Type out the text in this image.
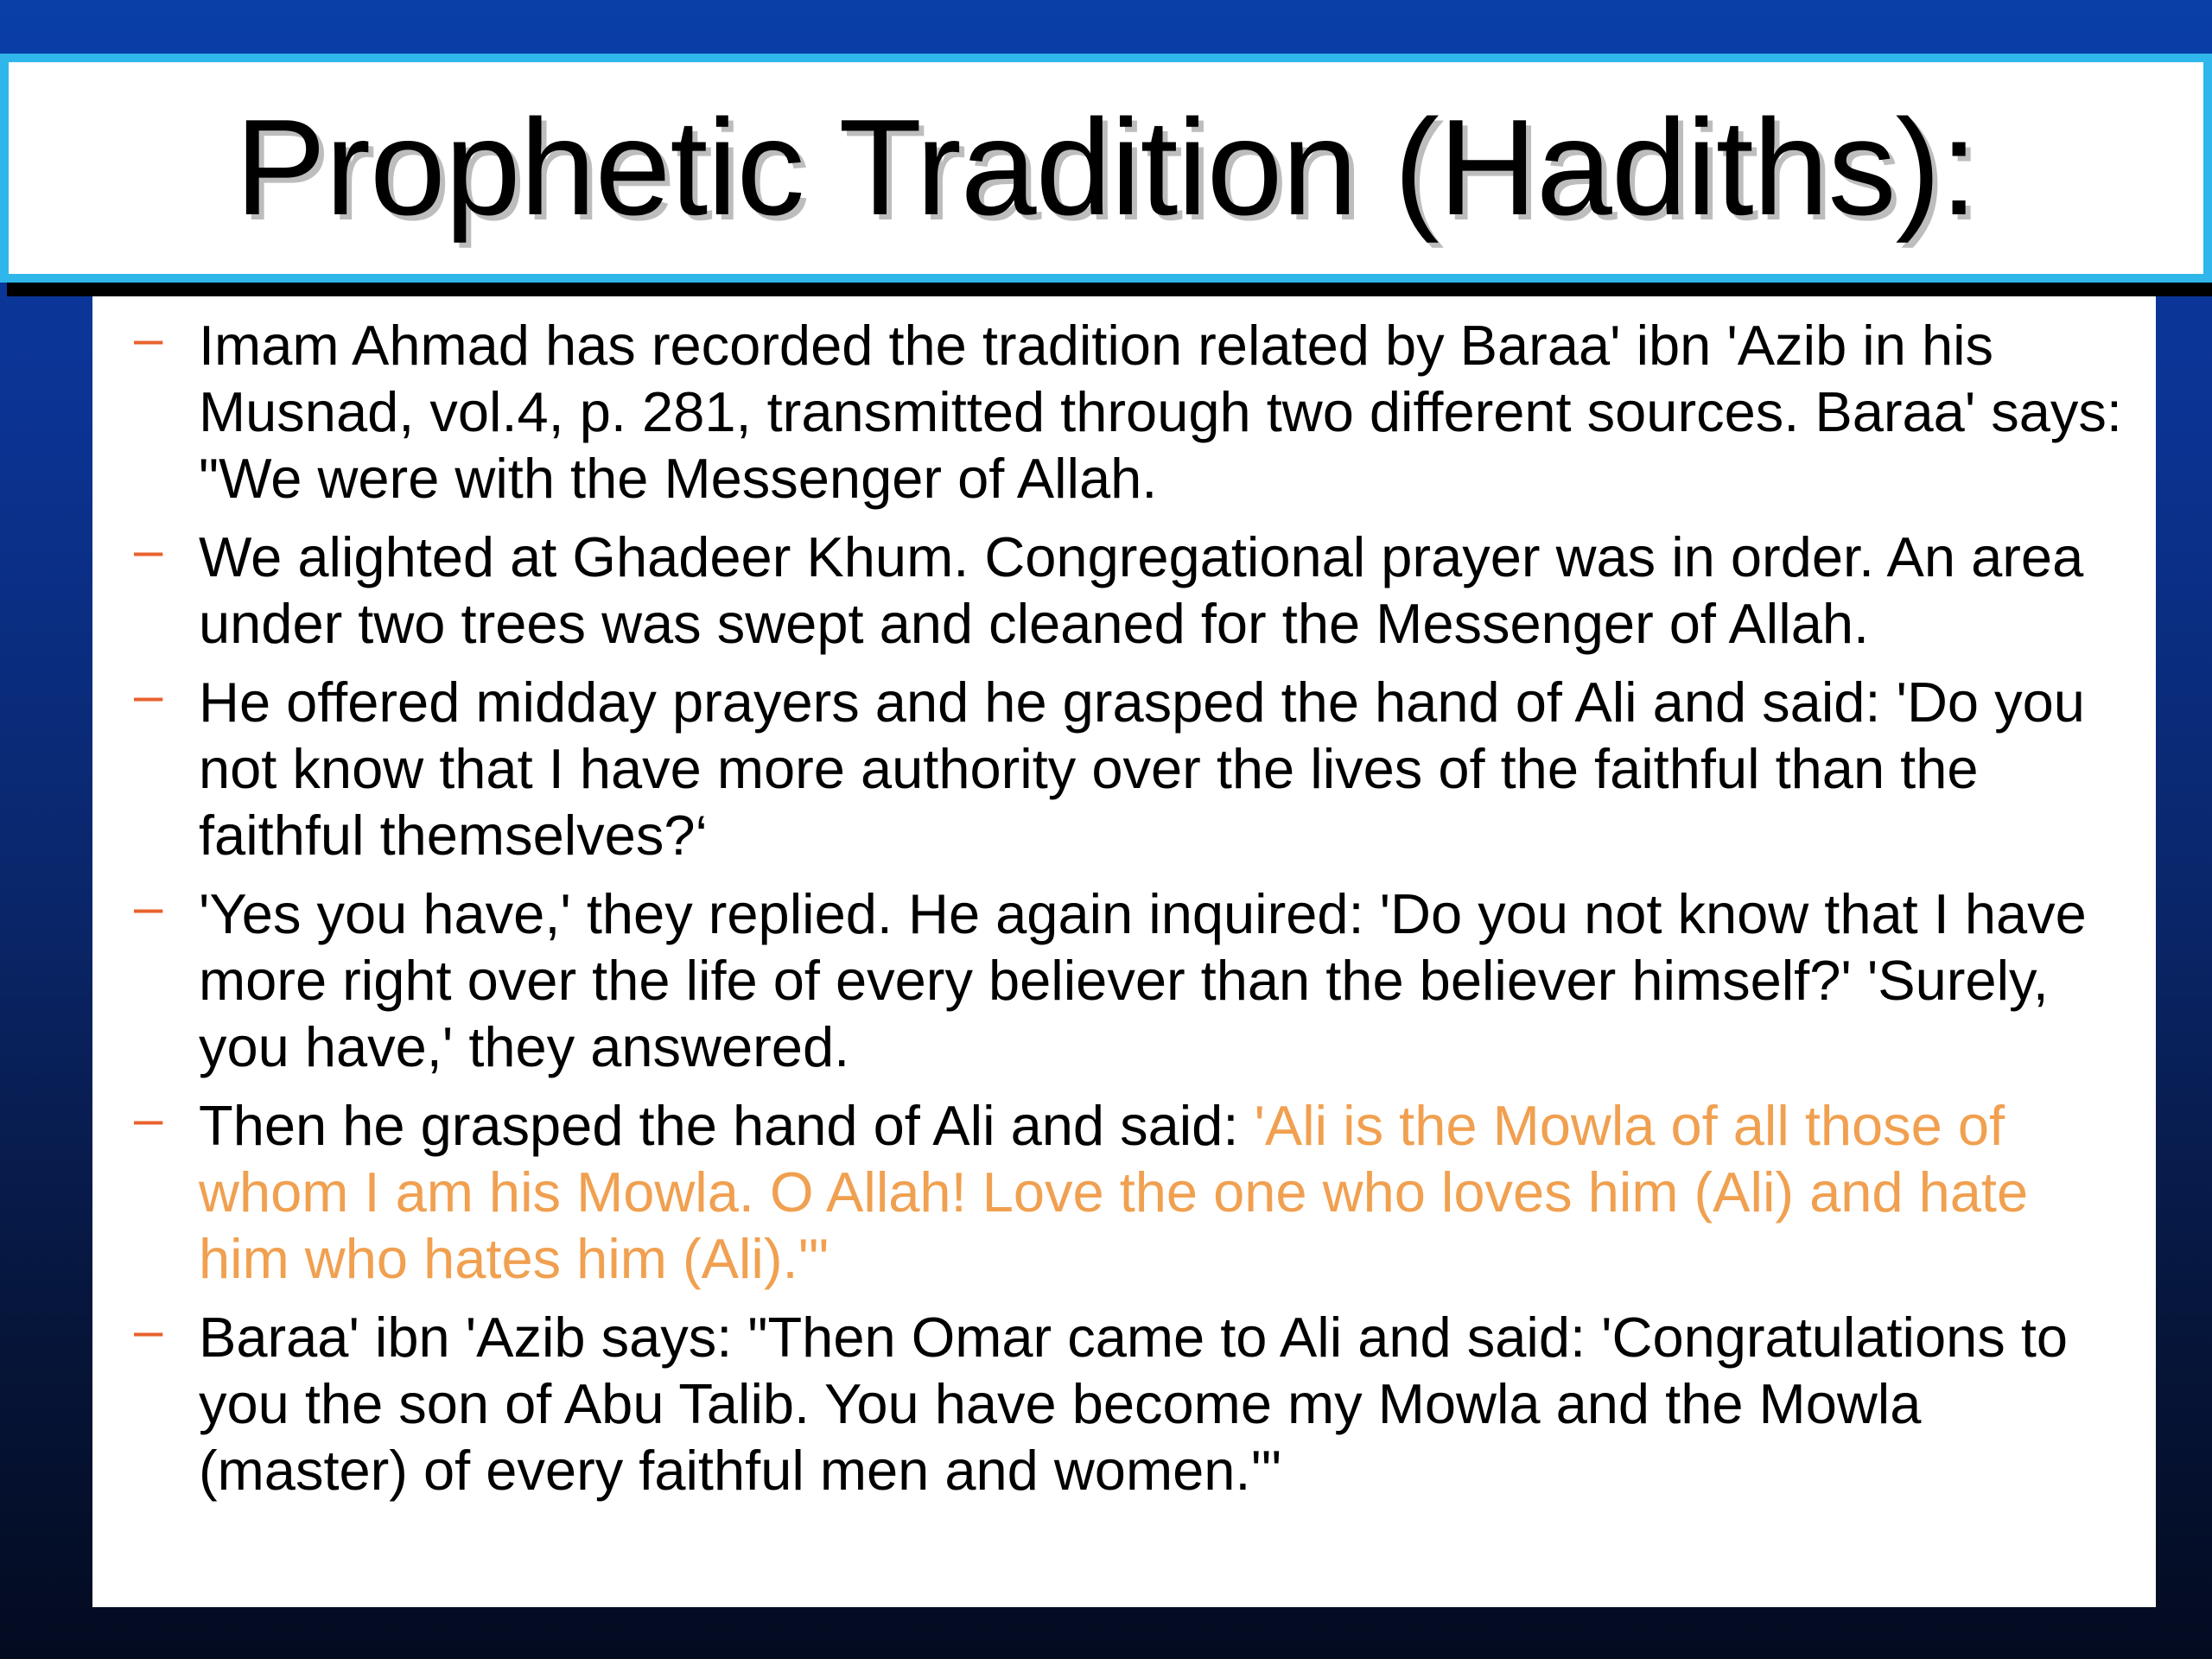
Prophetic Tradition (Hadiths):
– Imam Ahmad has recorded the tradition related by Baraa' ibn 'Azib in his Musnad, vol.4, p. 281, transmitted through two different sources. Baraa' says: "We were with the Messenger of Allah.
– We alighted at Ghadeer Khum. Congregational prayer was in order. An area under two trees was swept and cleaned for the Messenger of Allah.
– He offered midday prayers and he grasped the hand of Ali and said: 'Do you not know that I have more authority over the lives of the faithful than the faithful themselves?‘
– 'Yes you have,' they replied. He again inquired: 'Do you not know that I have more right over the life of every believer than the believer himself?' 'Surely, you have,' they answered.
– Then he grasped the hand of Ali and said: 'Ali is the Mowla of all those of whom I am his Mowla. O Allah! Love the one who loves him (Ali) and hate him who hates him (Ali).'"
– Baraa' ibn 'Azib says: "Then Omar came to Ali and said: 'Congratulations to you the son of Abu Talib. You have become my Mowla and the Mowla (master) of every faithful men and women.'"
